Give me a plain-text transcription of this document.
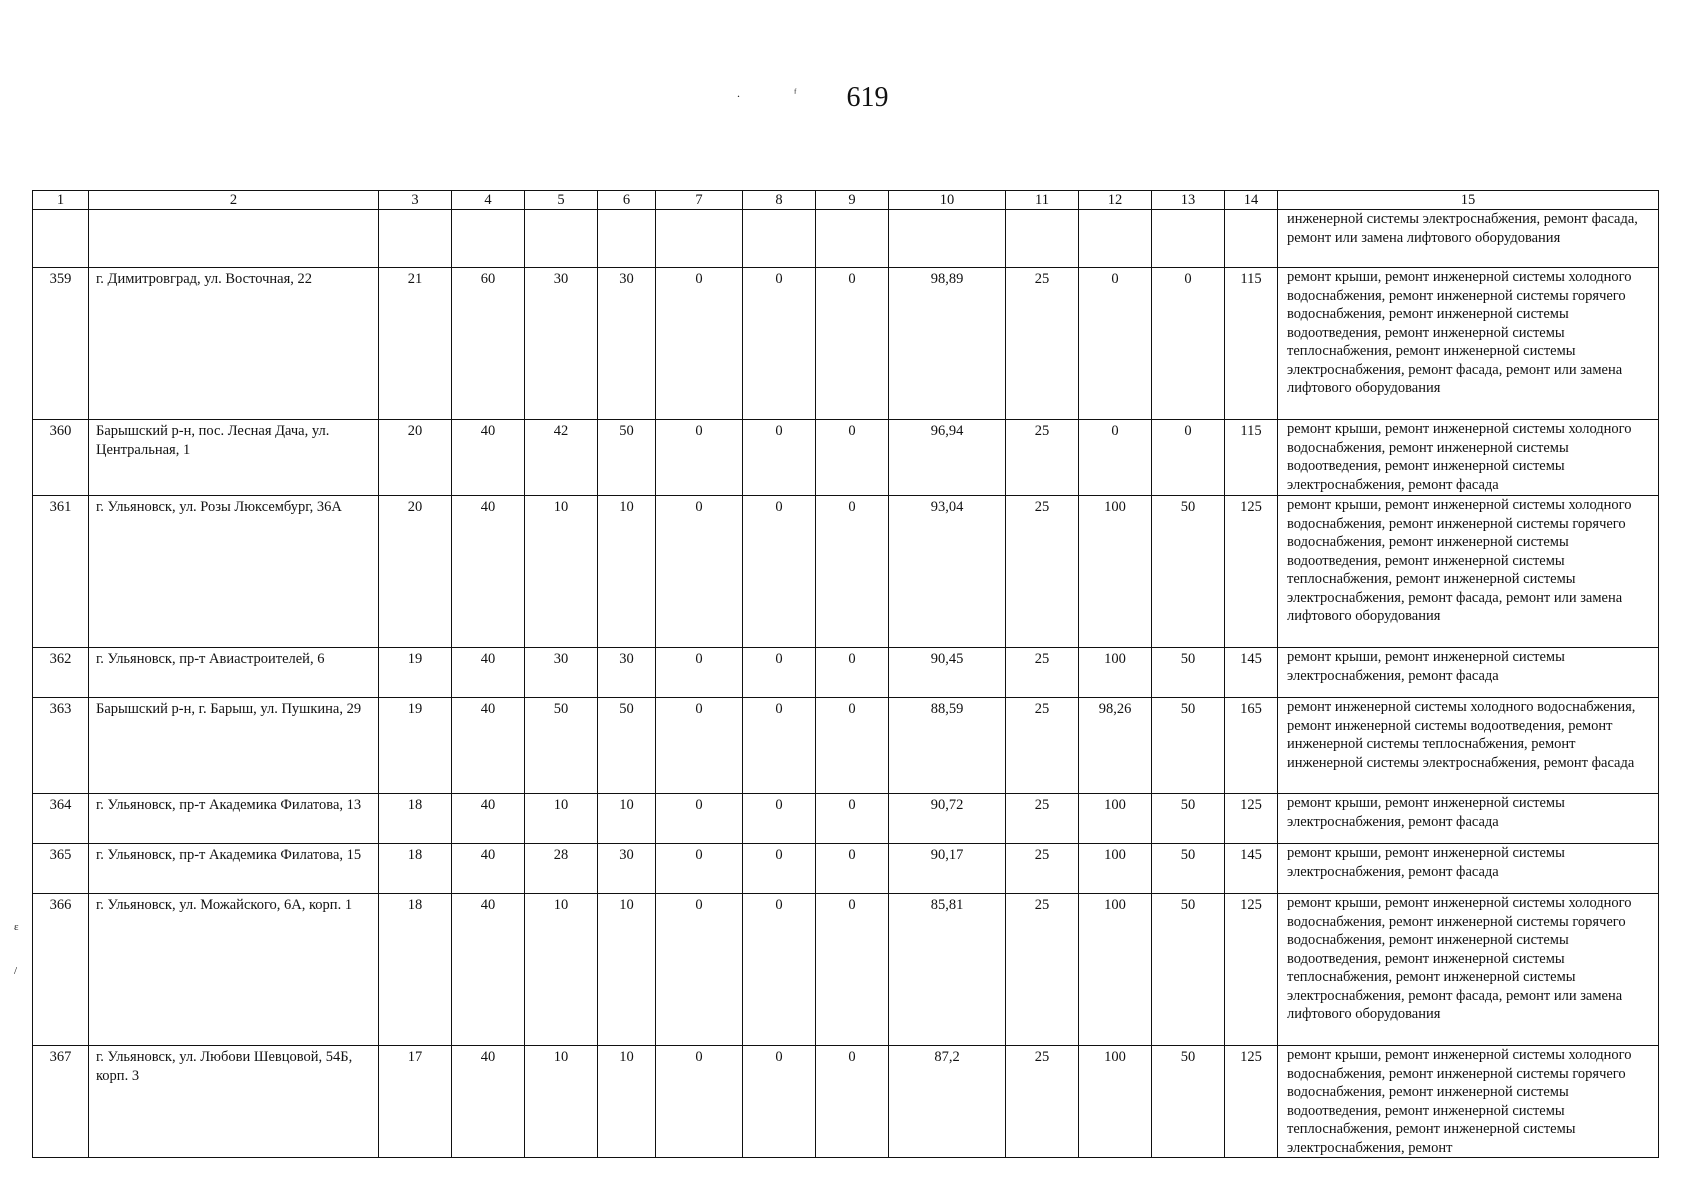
.                  ᶠ	619
ɛ
/
1	2	3	4	5	6	7	8	9	10	11	12	13	14	15
														инженерной системы электроснабжения, ремонт фасада, ремонт или замена лифтового оборудования
359	г. Димитровград, ул. Восточная, 22	21	60	30	30	0	0	0	98,89	25	0	0	115	ремонт крыши, ремонт инженерной системы холодного водоснабжения, ремонт инженерной системы горячего водоснабжения, ремонт инженерной системы водоотведения, ремонт инженерной системы теплоснабжения, ремонт инженерной системы электроснабжения, ремонт фасада, ремонт или замена лифтового оборудования
360	Барышский р-н, пос. Лесная Дача, ул. Центральная, 1	20	40	42	50	0	0	0	96,94	25	0	0	115	ремонт крыши, ремонт инженерной системы холодного водоснабжения, ремонт инженерной системы водоотведения, ремонт инженерной системы электроснабжения, ремонт фасада
361	г. Ульяновск, ул. Розы Люксембург, 36А	20	40	10	10	0	0	0	93,04	25	100	50	125	ремонт крыши, ремонт инженерной системы холодного водоснабжения, ремонт инженерной системы горячего водоснабжения, ремонт инженерной системы водоотведения, ремонт инженерной системы теплоснабжения, ремонт инженерной системы электроснабжения, ремонт фасада, ремонт или замена лифтового оборудования
362	г. Ульяновск, пр-т Авиастроителей, 6	19	40	30	30	0	0	0	90,45	25	100	50	145	ремонт крыши, ремонт инженерной системы электроснабжения, ремонт фасада
363	Барышский р-н, г. Барыш, ул. Пушкина, 29	19	40	50	50	0	0	0	88,59	25	98,26	50	165	ремонт инженерной системы холодного водоснабжения, ремонт инженерной системы водоотведения, ремонт инженерной системы теплоснабжения, ремонт инженерной системы электроснабжения, ремонт фасада
364	г. Ульяновск, пр-т Академика Филатова, 13	18	40	10	10	0	0	0	90,72	25	100	50	125	ремонт крыши, ремонт инженерной системы электроснабжения, ремонт фасада
365	г. Ульяновск, пр-т Академика Филатова, 15	18	40	28	30	0	0	0	90,17	25	100	50	145	ремонт крыши, ремонт инженерной системы электроснабжения, ремонт фасада
366	г. Ульяновск, ул. Можайского, 6А, корп. 1	18	40	10	10	0	0	0	85,81	25	100	50	125	ремонт крыши, ремонт инженерной системы холодного водоснабжения, ремонт инженерной системы горячего водоснабжения, ремонт инженерной системы водоотведения, ремонт инженерной системы теплоснабжения, ремонт инженерной системы электроснабжения, ремонт фасада, ремонт или замена лифтового оборудования
367	г. Ульяновск, ул. Любови Шевцовой, 54Б, корп. 3	17	40	10	10	0	0	0	87,2	25	100	50	125	ремонт крыши, ремонт инженерной системы холодного водоснабжения, ремонт инженерной системы горячего водоснабжения, ремонт инженерной системы водоотведения, ремонт инженерной системы теплоснабжения, ремонт инженерной системы электроснабжения, ремонт
